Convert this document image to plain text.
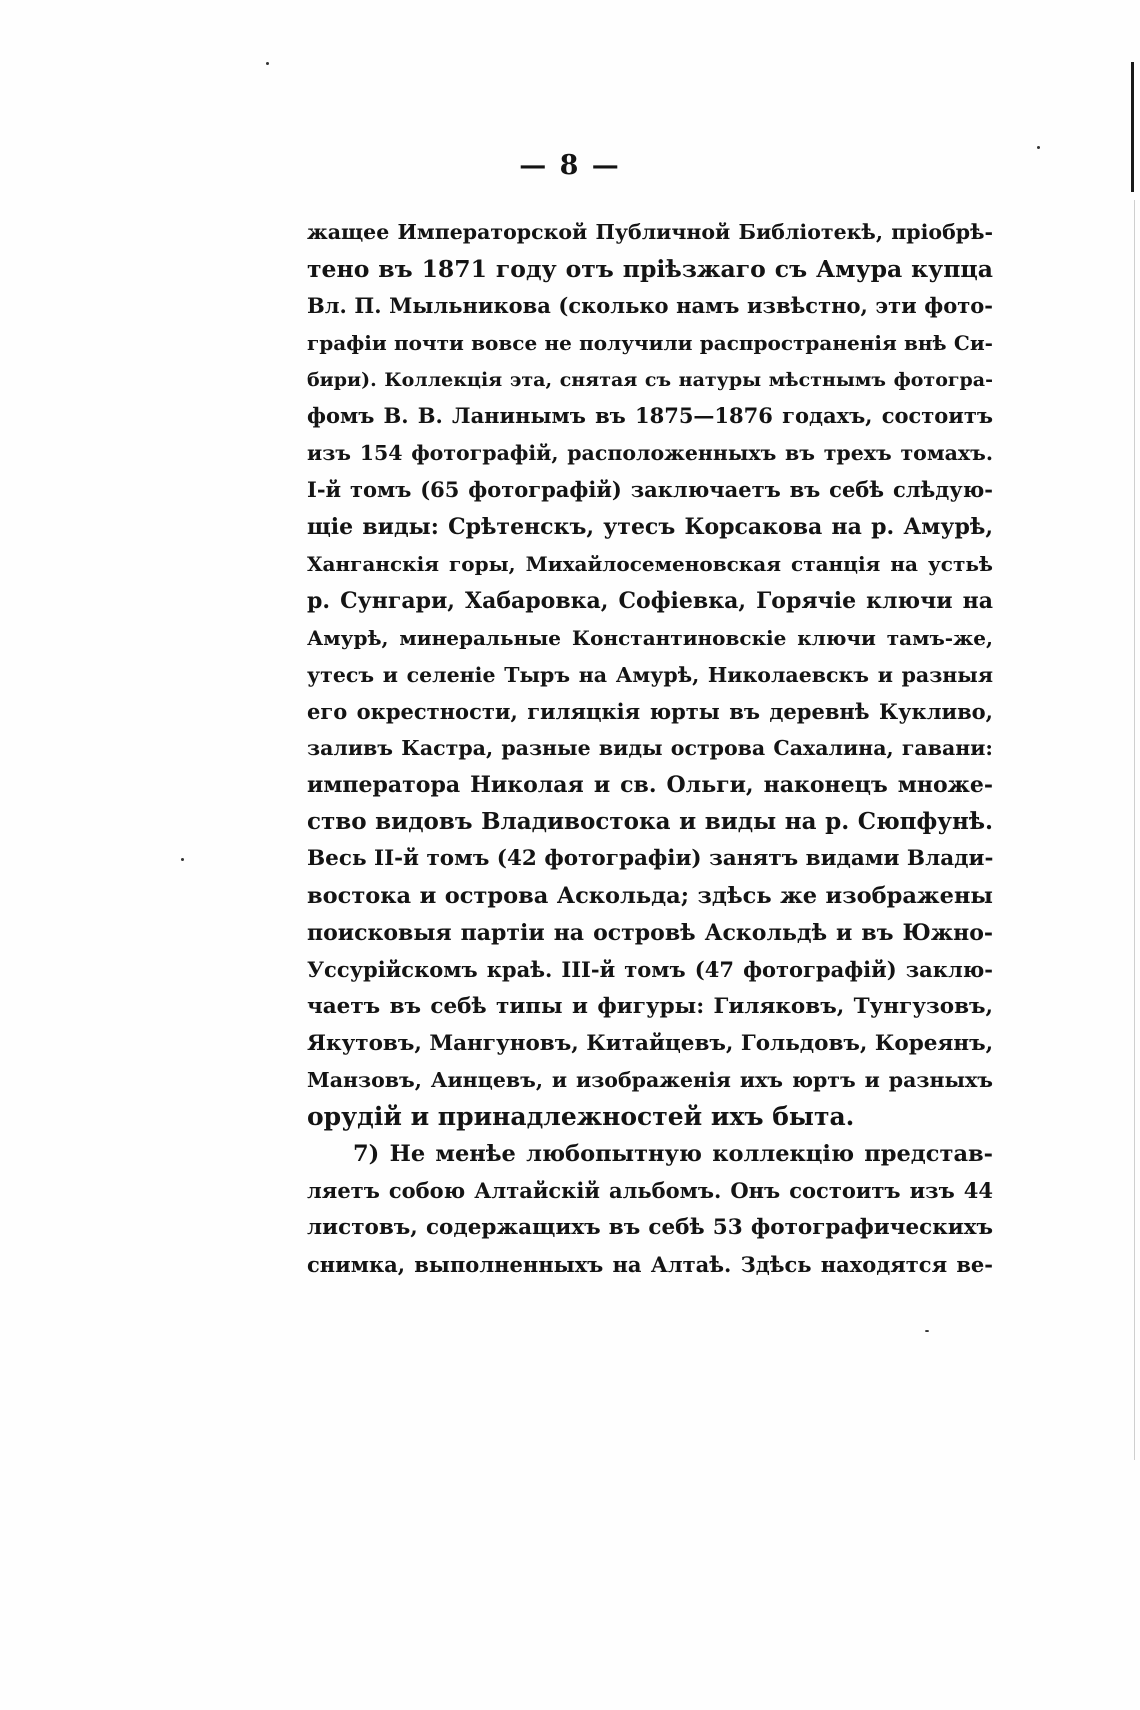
— 8 —
жащее Императорской Публичной Библіотекѣ, пріобрѣ-
тено въ 1871 году отъ пріѣзжаго съ Амура купца
Вл. П. Мыльникова (сколько намъ извѣстно, эти фото-
графіи почти вовсе не получили распространенія внѣ Си-
бири). Коллекція эта, снятая съ натуры мѣстнымъ фотогра-
фомъ В. В. Ланинымъ въ 1875—1876 годахъ, состоитъ
изъ 154 фотографій, расположенныхъ въ трехъ томахъ.
І-й томъ (65 фотографій) заключаетъ въ себѣ слѣдую-
щіе виды: Срѣтенскъ, утесъ Корсакова на р. Амурѣ,
Ханганскія горы, Михайлосеменовская станція на устьѣ
р. Сунгари, Хабаровка, Софіевка, Горячіе ключи на
Амурѣ, минеральные Константиновскіе ключи тамъ-же,
утесъ и селеніе Тыръ на Амурѣ, Николаевскъ и разныя
его окрестности, гиляцкія юрты въ деревнѣ Кукливо,
заливъ Кастра, разные виды острова Сахалина, гавани:
императора Николая и св. Ольги, наконецъ множе-
ство видовъ Владивостока и виды на р. Сюпфунѣ.
Весь ІІ-й томъ (42 фотографіи) занятъ видами Влади-
востока и острова Аскольда; здѣсь же изображены
поисковыя партіи на островѣ Аскольдѣ и въ Южно-
Уссурійскомъ краѣ. ІІІ-й томъ (47 фотографій) заклю-
чаетъ въ себѣ типы и фигуры: Гиляковъ, Тунгузовъ,
Якутовъ, Мангуновъ, Китайцевъ, Гольдовъ, Кореянъ,
Манзовъ, Аинцевъ, и изображенія ихъ юртъ и разныхъ
орудій и принадлежностей ихъ быта.
7) Не менѣе любопытную коллекцію представ-
ляетъ собою Алтайскій альбомъ. Онъ состоитъ изъ 44
листовъ, содержащихъ въ себѣ 53 фотографическихъ
снимка, выполненныхъ на Алтаѣ. Здѣсь находятся ве-
